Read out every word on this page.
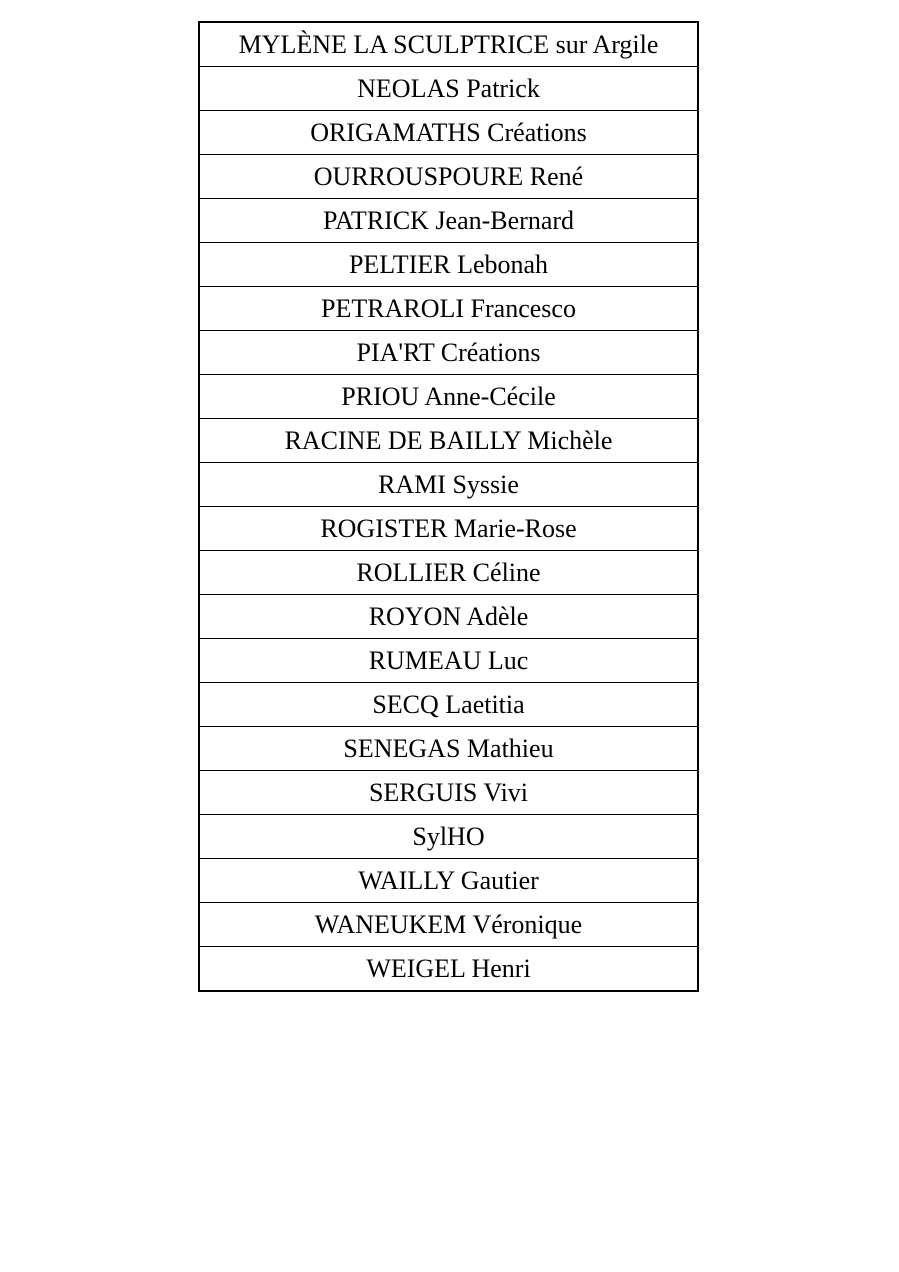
MYLÈNE LA SCULPTRICE sur Argile
NEOLAS Patrick
ORIGAMATHS Créations
OURROUSPOURE René
PATRICK Jean-Bernard
PELTIER Lebonah
PETRAROLI Francesco
PIA'RT Créations
PRIOU Anne-Cécile
RACINE DE BAILLY Michèle
RAMI Syssie
ROGISTER Marie-Rose
ROLLIER Céline
ROYON Adèle
RUMEAU Luc
SECQ Laetitia
SENEGAS Mathieu
SERGUIS Vivi
SylHO
WAILLY Gautier
WANEUKEM Véronique
WEIGEL Henri
